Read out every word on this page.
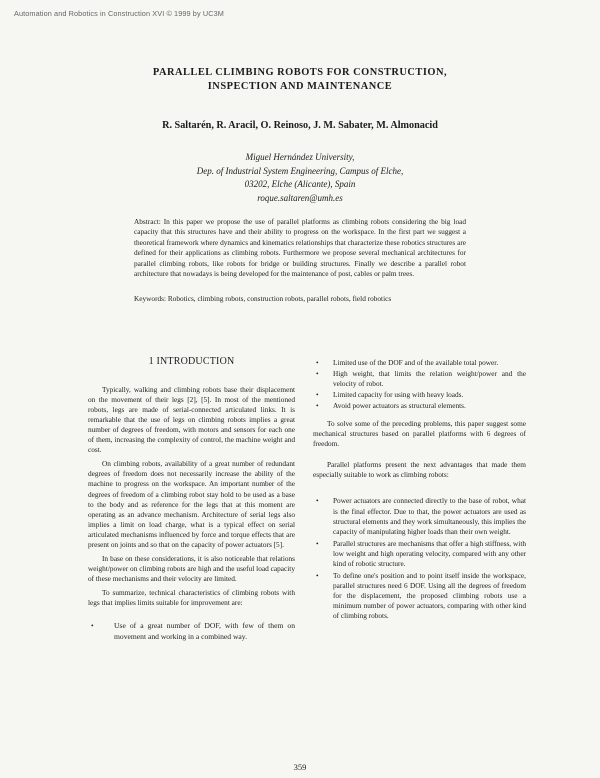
Automation and Robotics in Construction XVI © 1999 by UC3M
PARALLEL CLIMBING ROBOTS FOR CONSTRUCTION,
INSPECTION AND MAINTENANCE
R. Saltarén, R. Aracil, O. Reinoso, J. M. Sabater, M. Almonacid
Miguel Hernández University,
Dep. of Industrial System Engineering, Campus of Elche,
03202, Elche (Alicante), Spain
roque.saltaren@umh.es
Abstract: In this paper we propose the use of parallel platforms as climbing robots considering the big load capacity that this structures have and their ability to progress on the workspace. In the first part we suggest a theoretical framework where dynamics and kinematics relationships that characterize these robotics structures are defined for their applications as climbing robots. Furthermore we propose several mechanical architectures for parallel climbing robots, like robots for bridge or building structures. Finally we describe a parallel robot architecture that nowadays is being developed for the maintenance of post, cables or palm trees.
Keywords: Robotics, climbing robots, construction robots, parallel robots, field robotics
1 INTRODUCTION

Typically, walking and climbing robots base their displacement on the movement of their legs [2], [5]. In most of the mentioned robots, legs are made of serial-connected articulated links. It is remarkable that the use of legs on climbing robots implies a great number of degrees of freedom, with motors and sensors for each one of them, increasing the complexity of control, the machine weight and cost.

On climbing robots, availability of a great number of redundant degrees of freedom does not necessarily increase the ability of the machine to progress on the workspace. An important number of the degrees of freedom of a climbing robot stay hold to be used as a base to the body and as reference for the legs that at this moment are operating as an advance mechanism. Architecture of serial legs also implies a limit on load charge, what is a typical effect on serial articulated mechanisms influenced by force and torque effects that are present on joints and so that on the capacity of power actuators [5].

In base on these considerations, it is also noticeable that relations weight/power on climbing robots are high and the useful load capacity of these mechanisms and their velocity are limited.

To summarize, technical characteristics of climbing robots with legs that implies limits suitable for improvement are:

•	Use of a great number of DOF, with few of them on movement and working in a combined way.
• Limited use of the DOF and of the available total power.
• High weight, that limits the relation weight/power and the velocity of robot.
• Limited capacity for using with heavy loads.
• Avoid power actuators as structural elements.

To solve some of the preceding problems, this paper suggest some mechanical structures based on parallel platforms with 6 degrees of freedom.

Parallel platforms present the next advantages that made them especially suitable to work as climbing robots:

• Power actuators are connected directly to the base of robot, what is the final effector. Due to that, the power actuators are used as structural elements and they work simultaneously, this implies the capacity of manipulating higher loads than their own weight.
• Parallel structures are mechanisms that offer a high stiffness, with low weight and high operating velocity, compared with any other kind of robotic structure.
• To define one's position and to point itself inside the workspace, parallel structures need 6 DOF. Using all the degrees of freedom for the displacement, the proposed climbing robots use a minimum number of power actuators, comparing with other kind of climbing robots.
359
